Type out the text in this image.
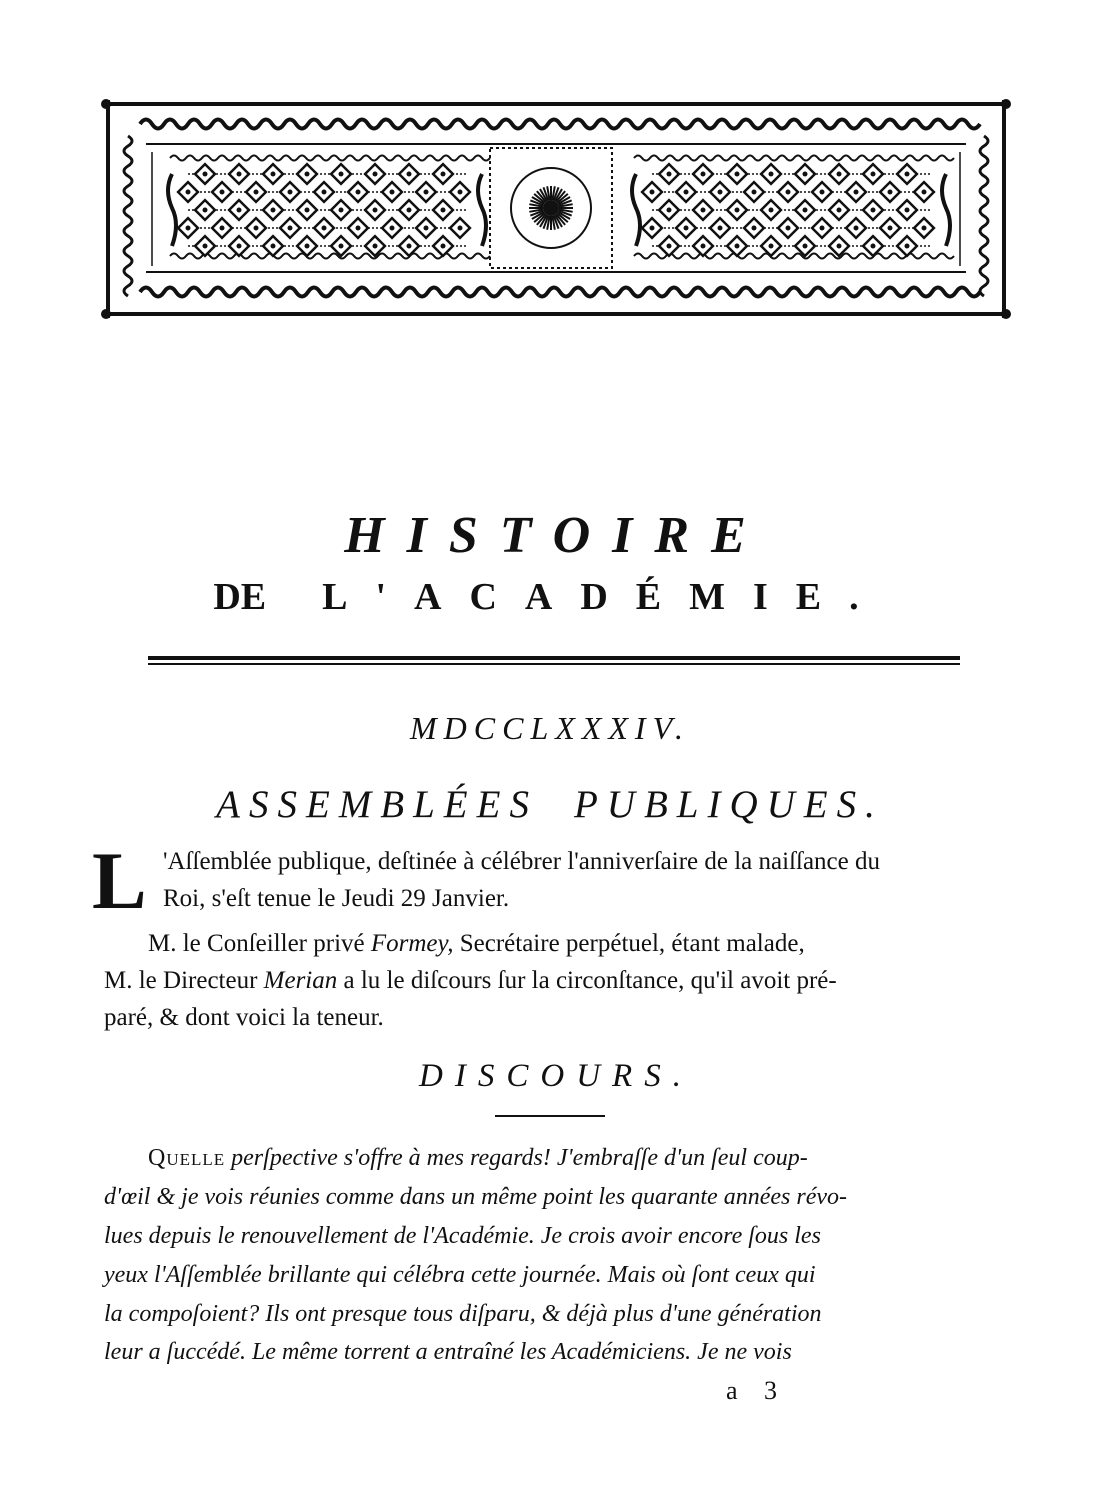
HISTOIRE
DE L'ACADÉMIE.
MDCCLXXXIV.
ASSEMBLÉES PUBLIQUES.
L 'Aſſemblée publique, deſtinée à célébrer l'anniverſaire de la naiſſance du
Roi, s'eſt tenue le Jeudi 29 Janvier.
M. le Conſeiller privé Formey, Secrétaire perpétuel, étant malade,
M. le Directeur Merian a lu le diſcours ſur la circonſtance, qu'il avoit pré-
paré, & dont voici la teneur.
DISCOURS.
Quelle perſpective s'offre à mes regards! J'embraſſe d'un ſeul coup-
d'œil & je vois réunies comme dans un même point les quarante années révo-
lues depuis le renouvellement de l'Académie. Je crois avoir encore ſous les
yeux l'Aſſemblée brillante qui célébra cette journée. Mais où ſont ceux qui
la compoſoient? Ils ont presque tous diſparu, & déjà plus d'une génération
leur a ſuccédé. Le même torrent a entraîné les Académiciens. Je ne vois
a 3
